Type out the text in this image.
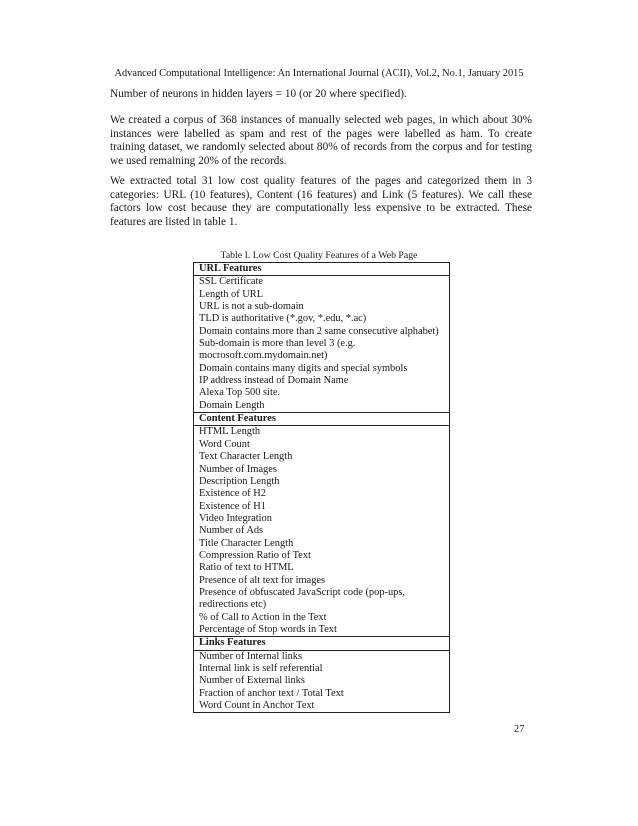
Advanced Computational Intelligence: An International Journal (ACII), Vol.2, No.1, January 2015

Number of neurons in hidden layers = 10 (or 20 where specified).

We created a corpus of 368 instances of manually selected web pages, in which about 30% instances were labelled as spam and rest of the pages were labelled as ham. To create training dataset, we randomly selected about 80% of records from the corpus and for testing we used remaining 20% of the records.

We extracted total 31 low cost quality features of the pages and categorized them in 3 categories: URL (10 features), Content (16 features) and Link (5 features). We call these factors low cost because they are computationally less expensive to be extracted. These features are listed in table 1.

Table I. Low Cost Quality Features of a Web Page
URL Features
SSL Certificate
Length of URL
URL is not a sub-domain
TLD is authoritative (*.gov, *.edu, *.ac)
Domain contains more than 2 same consecutive alphabet)
Sub-domain is more than level 3 (e.g. mocrosoft.com.mydomain.net)
Domain contains many digits and special symbols
IP address instead of Domain Name
Alexa Top 500 site.
Domain Length
Content Features
HTML Length
Word Count
Text Character Length
Number of Images
Description Length
Existence of H2
Existence of H1
Video Integration
Number of Ads
Title Character Length
Compression Ratio of Text
Ratio of text to HTML
Presence of alt text for images
Presence of obfuscated JavaScript code (pop-ups, redirections etc)
% of Call to Action in the Text
Percentage of Stop words in Text
Links Features
Number of Internal links
Internal link is self referential
Number of External links
Fraction of anchor text / Total Text
Word Count in Anchor Text
27
